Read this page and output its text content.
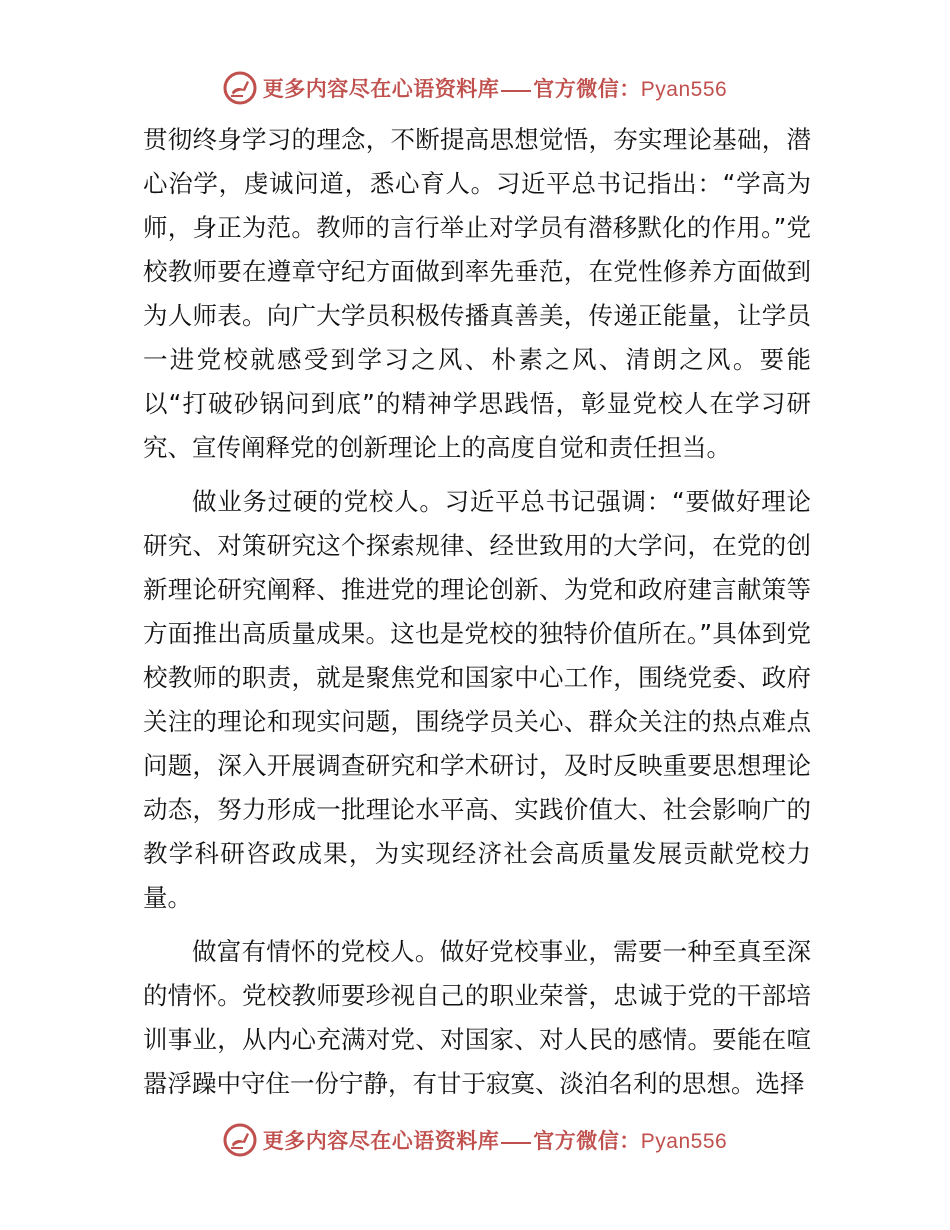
更多内容尽在心语资料库 官方微信：Pyan556

贯彻终身学习的理念，不断提高思想觉悟，夯实理论基础，潜心治学，虔诚问道，悉心育人。习近平总书记指出：“学高为师，身正为范。教师的言行举止对学员有潜移默化的作用。”党校教师要在遵章守纪方面做到率先垂范，在党性修养方面做到为人师表。向广大学员积极传播真善美，传递正能量，让学员一进党校就感受到学习之风、朴素之风、清朗之风。要能以“打破砂锅问到底”的精神学思践悟，彰显党校人在学习研究、宣传阐释党的创新理论上的高度自觉和责任担当。

做业务过硬的党校人。习近平总书记强调：“要做好理论研究、对策研究这个探索规律、经世致用的大学问，在党的创新理论研究阐释、推进党的理论创新、为党和政府建言献策等方面推出高质量成果。这也是党校的独特价值所在。”具体到党校教师的职责，就是聚焦党和国家中心工作，围绕党委、政府关注的理论和现实问题，围绕学员关心、群众关注的热点难点问题，深入开展调查研究和学术研讨，及时反映重要思想理论动态，努力形成一批理论水平高、实践价值大、社会影响广的教学科研咨政成果，为实现经济社会高质量发展贡献党校力量。

做富有情怀的党校人。做好党校事业，需要一种至真至深的情怀。党校教师要珍视自己的职业荣誉，忠诚于党的干部培训事业，从内心充满对党、对国家、对人民的感情。要能在喧嚣浮躁中守住一份宁静，有甘于寂寞、淡泊名利的思想。选择

更多内容尽在心语资料库 官方微信：Pyan556
